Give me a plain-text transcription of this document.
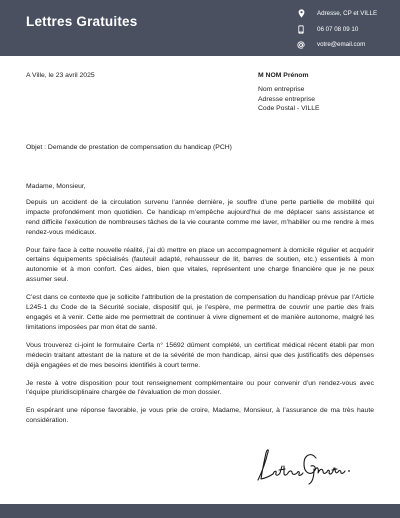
Lettres Gratuites
Adresse, CP et VILLE
06 07 08 09 10
votre@email.com
A Ville, le 23 avril 2025	M NOM Prénom
Nom entreprise
Adresse entreprise
Code Postal - VILLE
Objet : Demande de prestation de compensation du handicap (PCH)

Madame, Monsieur,

Depuis un accident de la circulation survenu l’année dernière, je souffre d’une perte partielle de mobilité qui impacte profondément mon quotidien. Ce handicap m’empêche aujourd’hui de me déplacer sans assistance et rend difficile l’exécution de nombreuses tâches de la vie courante comme me laver, m’habiller ou me rendre à mes rendez-vous médicaux.

Pour faire face à cette nouvelle réalité, j’ai dû mettre en place un accompagnement à domicile régulier et acquérir certains équipements spécialisés (fauteuil adapté, rehausseur de lit, barres de soutien, etc.) essentiels à mon autonomie et à mon confort. Ces aides, bien que vitales, représentent une charge financière que je ne peux assumer seul.

C’est dans ce contexte que je sollicite l’attribution de la prestation de compensation du handicap prévue par l’Article L245-1 du Code de la Sécurité sociale, dispositif qui, je l’espère, me permettra de couvrir une partie des frais engagés et à venir. Cette aide me permettrait de continuer à vivre dignement et de manière autonome, malgré les limitations imposées par mon état de santé.

Vous trouverez ci-joint le formulaire Cerfa n° 15692 dûment complété, un certificat médical récent établi par mon médecin traitant attestant de la nature et de la sévérité de mon handicap, ainsi que des justificatifs des dépenses déjà engagées et de mes besoins identifiés à court terme.

Je reste à votre disposition pour tout renseignement complémentaire ou pour convenir d’un rendez-vous avec l’équipe pluridisciplinaire chargée de l’évaluation de mon dossier.

En espérant une réponse favorable, je vous prie de croire, Madame, Monsieur, à l’assurance de ma très haute considération.
